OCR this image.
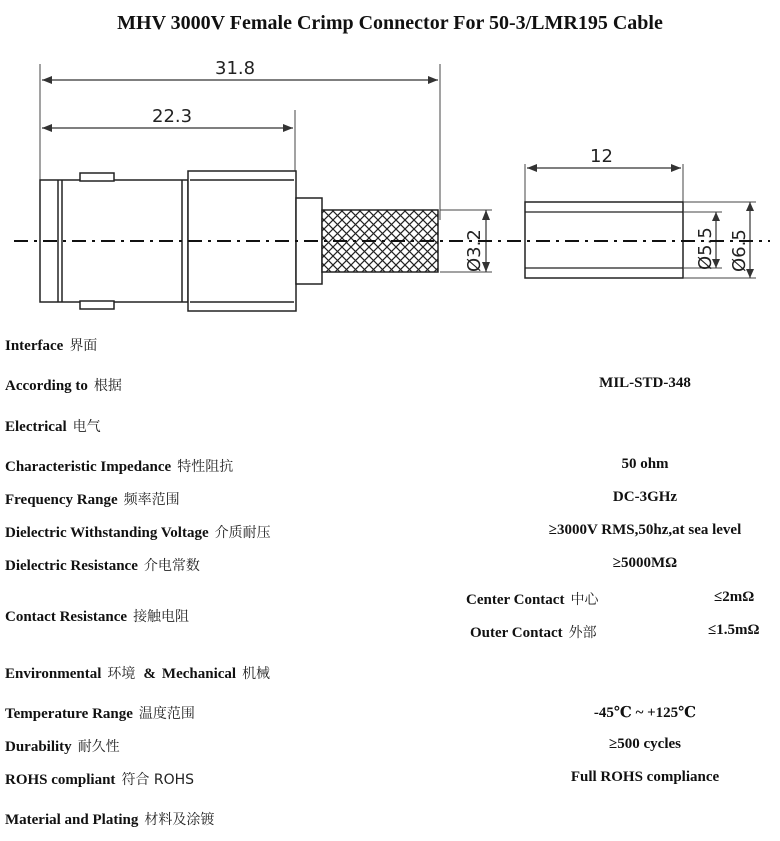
MHV 3000V Female Crimp Connector For 50-3/LMR195 Cable
31.8
22.3
Ø3.2
12
Ø5.5 Ø6.5
Interface 界面
According to 根据	MIL-STD-348
Electrical 电气
Characteristic Impedance 特性阻抗	50 ohm
Frequency Range 频率范围	DC-3GHz
Dielectric Withstanding Voltage 介质耐压	≥3000V RMS,50hz,at sea level
Dielectric Resistance 介电常数	≥5000MΩ
Contact Resistance 接触电阻
Center Contact 中心	≤2mΩ
Outer Contact 外部	≤1.5mΩ
Environmental 环境 & Mechanical 机械
Temperature Range 温度范围	-45℃ ~ +125℃
Durability 耐久性	≥500 cycles
ROHS compliant 符合 ROHS	Full ROHS compliance
Material and Plating 材料及涂镀
